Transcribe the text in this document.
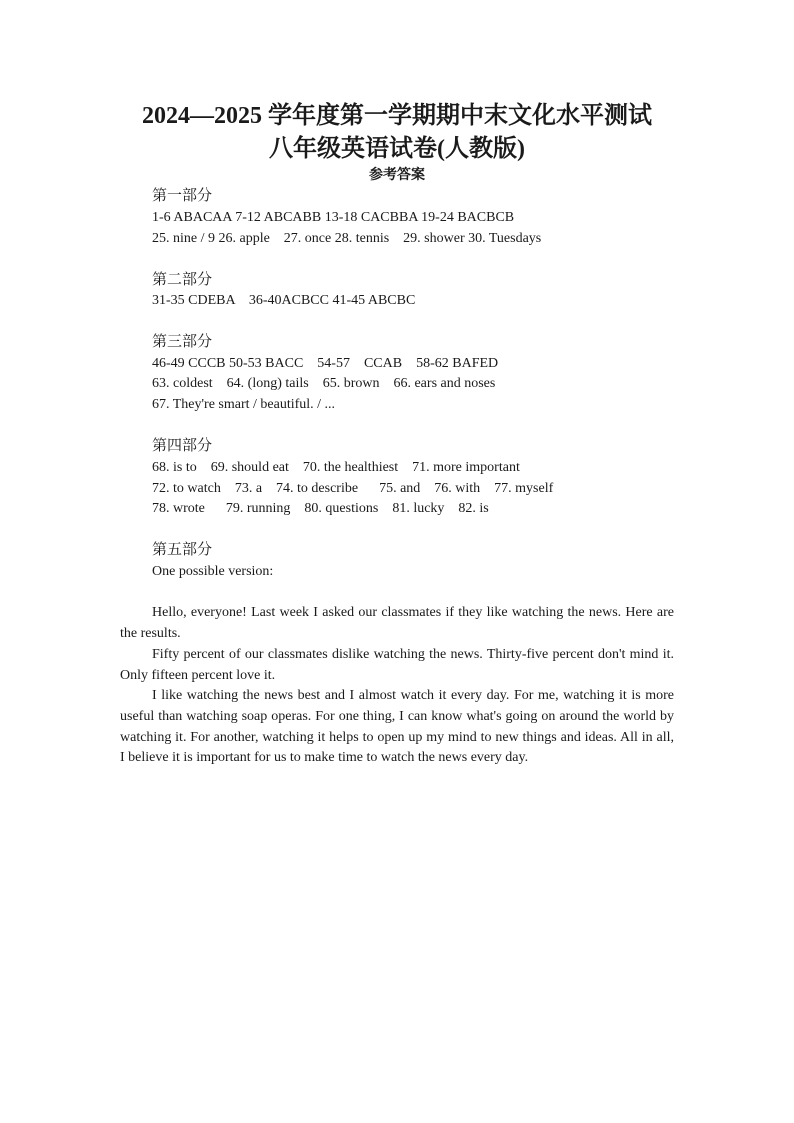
2024—2025 学年度第一学期期中末文化水平测试
八年级英语试卷(人教版)
参考答案
第一部分
1-6 ABACAA 7-12 ABCABB 13-18 CACBBA 19-24 BACBCB
25. nine / 9 26. apple    27. once 28. tennis    29. shower 30. Tuesdays
第二部分
31-35 CDEBA    36-40ACBCC 41-45 ABCBC
第三部分
46-49 CCCB 50-53 BACC    54-57    CCAB    58-62 BAFED
63. coldest    64. (long) tails    65. brown    66. ears and noses
67. They're smart / beautiful. / ...
第四部分
68. is to    69. should eat    70. the healthiest    71. more important
72. to watch    73. a    74. to describe      75. and    76. with    77. myself
78. wrote      79. running    80. questions    81. lucky    82. is
第五部分
One possible version:

Hello, everyone! Last week I asked our classmates if they like watching the news. Here are the results.

Fifty percent of our classmates dislike watching the news. Thirty-five percent don't mind it. Only fifteen percent love it.

I like watching the news best and I almost watch it every day. For me, watching it is more useful than watching soap operas. For one thing, I can know what's going on around the world by watching it. For another, watching it helps to open up my mind to new things and ideas. All in all, I believe it is important for us to make time to watch the news every day.
